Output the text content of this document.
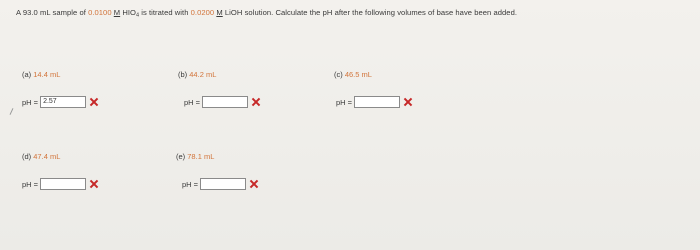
A 93.0 mL sample of 0.0100 M $HIO_4$ is titrated with 0.0200 M LiOH solution. Calculate the pH after the following volumes of base have been added.
(a) 14.4 mL
pH =
2.57
(b) 44.2 mL
pH =
(c) 46.5 mL
pH =
(d) 47.4 mL
pH =
(e) 78.1 mL
pH =
